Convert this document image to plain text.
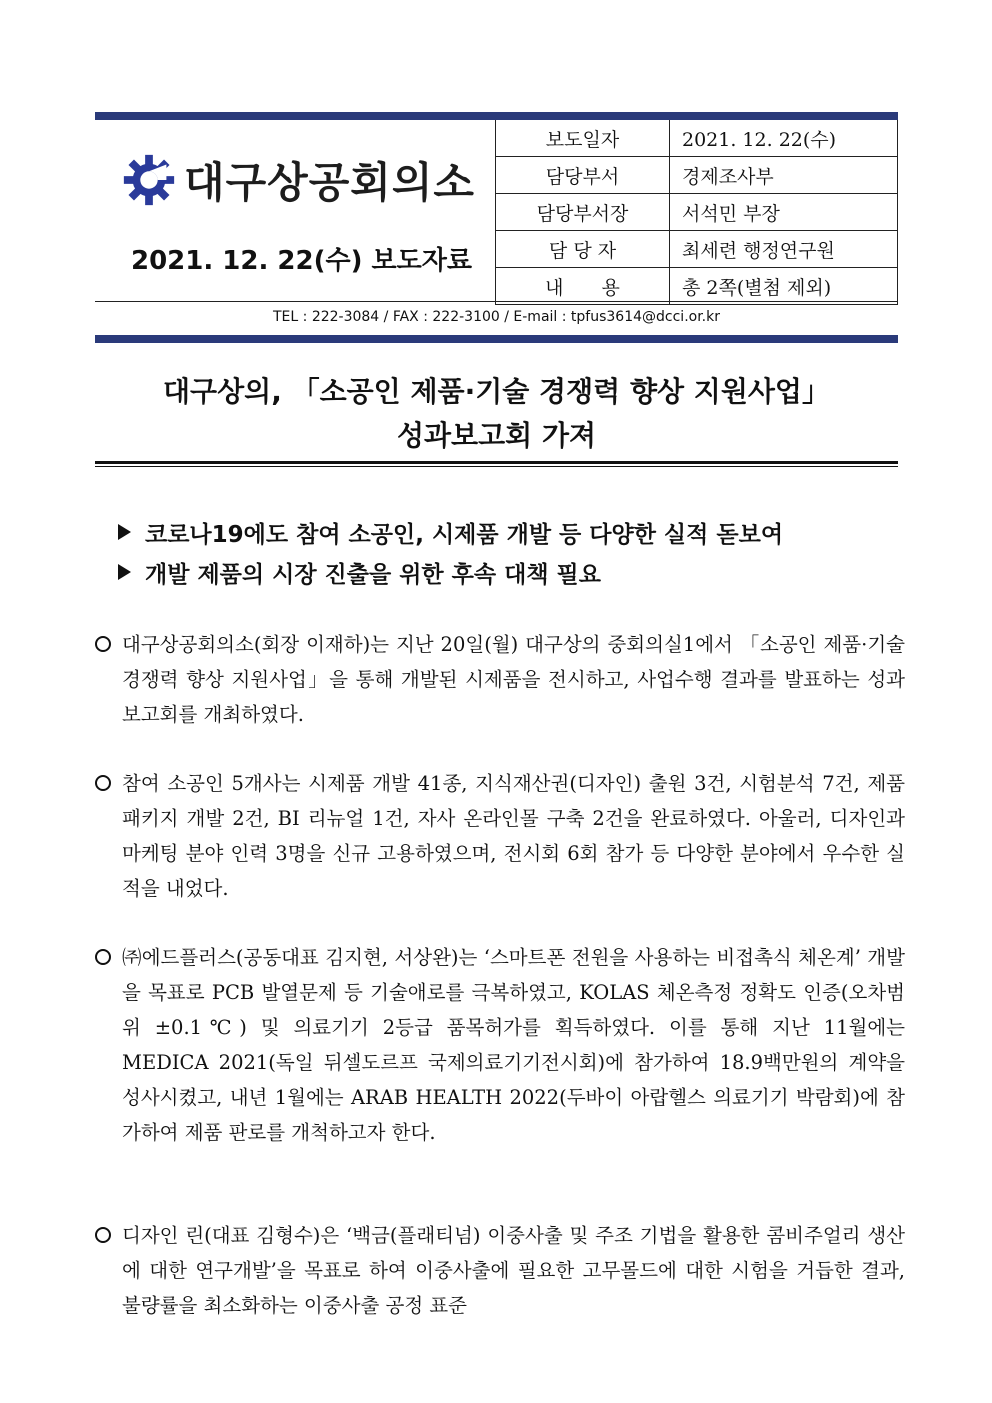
대구상공회의소
2021. 12. 22(수) 보도자료
보도일자	2021. 12. 22(수)
담당부서	경제조사부
담당부서장	서석민 부장
담 당 자	최세련 행정연구원
내　　용	총 2쪽(별첨 제외)
TEL : 222-3084 / FAX : 222-3100 / E-mail : tpfus3614@dcci.or.kr
대구상의, 「소공인 제품·기술 경쟁력 향상 지원사업」
성과보고회 가져
코로나19에도 참여 소공인, 시제품 개발 등 다양한 실적 돋보여
개발 제품의 시장 진출을 위한 후속 대책 필요
대구상공회의소(회장 이재하)는 지난 20일(월) 대구상의 중회의실1에서 「소공인 제품·기술 경쟁력 향상 지원사업」을 통해 개발된 시제품을 전시하고, 사업수행 결과를 발표하는 성과보고회를 개최하였다.
참여 소공인 5개사는 시제품 개발 41종, 지식재산권(디자인) 출원 3건, 시험분석 7건, 제품 패키지 개발 2건, BI 리뉴얼 1건, 자사 온라인몰 구축 2건을 완료하였다. 아울러, 디자인과 마케팅 분야 인력 3명을 신규 고용하였으며, 전시회 6회 참가 등 다양한 분야에서 우수한 실적을 내었다.
㈜에드플러스(공동대표 김지현, 서상완)는 ‘스마트폰 전원을 사용하는 비접촉식 체온계’ 개발을 목표로 PCB 발열문제 등 기술애로를 극복하였고, KOLAS 체온측정 정확도 인증(오차범위 ±0.1℃) 및 의료기기 2등급 품목허가를 획득하였다. 이를 통해 지난 11월에는 MEDICA 2021(독일 뒤셀도르프 국제의료기기전시회)에 참가하여 18.9백만원의 계약을 성사시켰고, 내년 1월에는 ARAB HEALTH 2022(두바이 아랍헬스 의료기기 박람회)에 참가하여 제품 판로를 개척하고자 한다.
디자인 린(대표 김형수)은 ‘백금(플래티넘) 이중사출 및 주조 기법을 활용한 콤비주얼리 생산에 대한 연구개발’을 목표로 하여 이중사출에 필요한 고무몰드에 대한 시험을 거듭한 결과, 불량률을 최소화하는 이중사출 공정 표준
